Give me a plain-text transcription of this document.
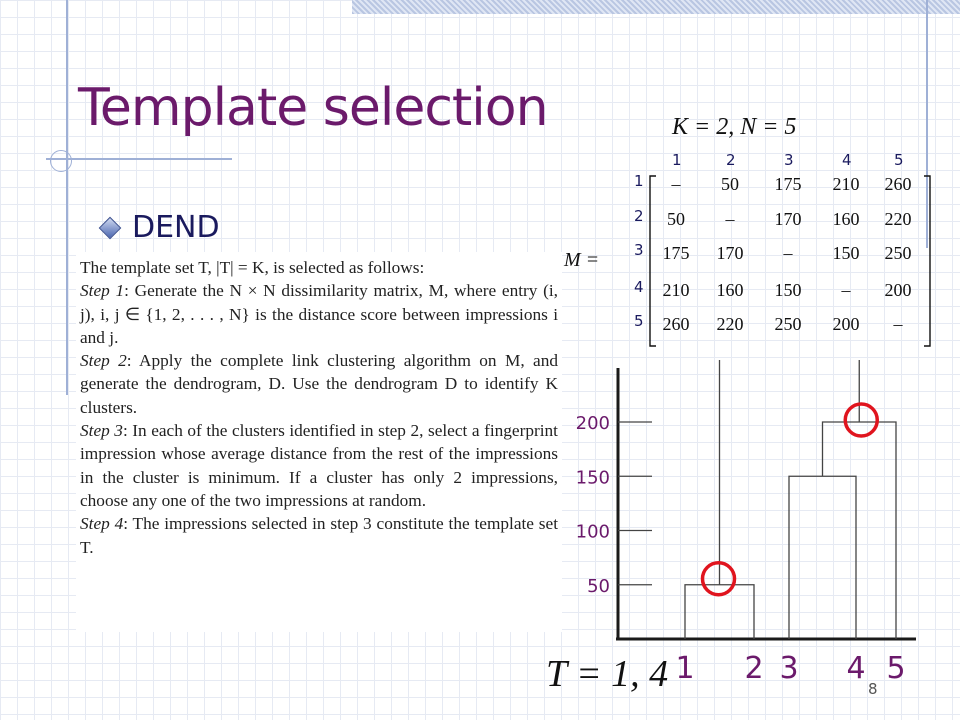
Template selection
DEND

The template set T, |T| = K, is selected as follows:

Step 1: Generate the N × N dissimilarity matrix, M, where entry (i, j), i, j ∈ {1, 2, . . . , N} is the distance score between impressions i and j.

Step 2: Apply the complete link clustering algorithm on M, and generate the dendrogram, D. Use the dendrogram D to identify K clusters.

Step 3: In each of the clusters identified in step 2, select a fingerprint impression whose average distance from the rest of the impressions in the cluster is minimum. If a cluster has only 2 impressions, choose any one of the two impressions at random.

Step 4: The impressions selected in step 3 constitute the template set T.

K = 2, N = 5
1	2	3	4	5
1
2
3
4
5
M =
– 50 175 210 260
50 – 170 160 220
175 170 – 150 250
210 160 150 – 200
260 220 250 200 –
200
150
100
50
1 2 3 4 5
T = 1, 4	8
